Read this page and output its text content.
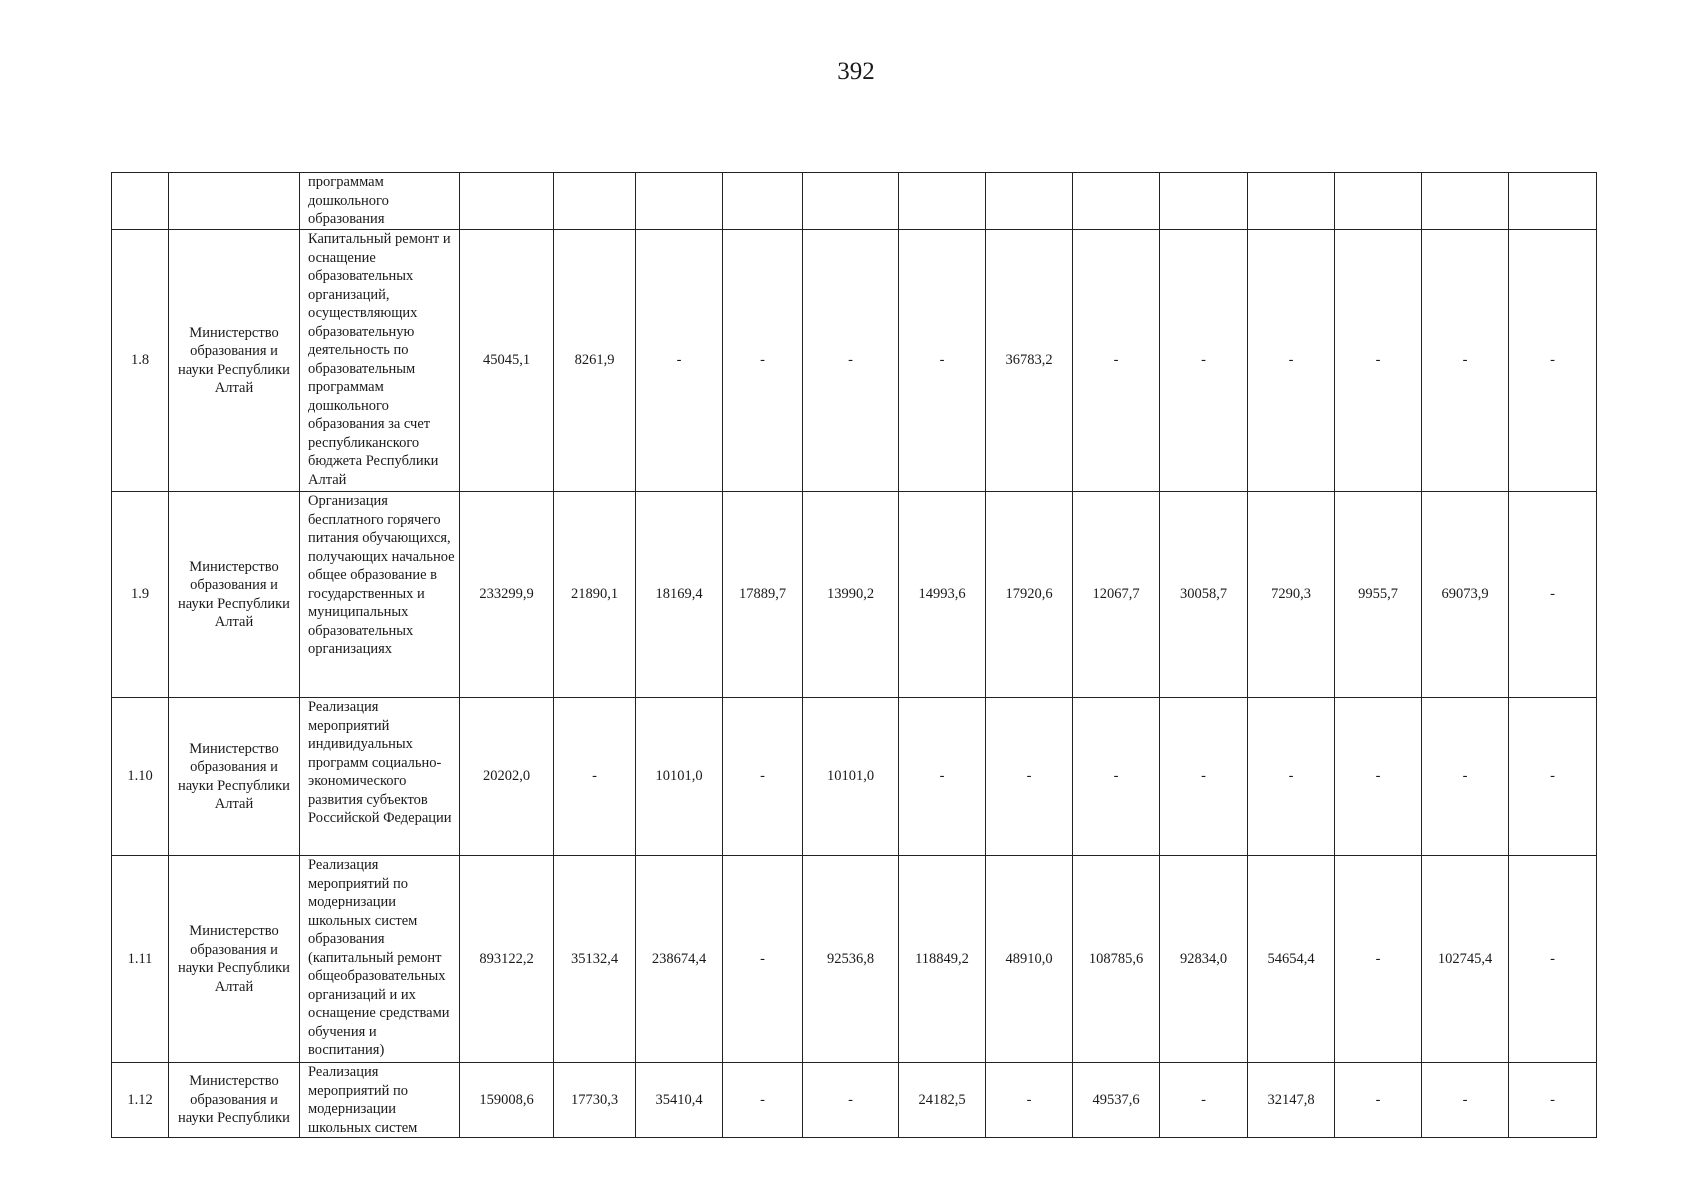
392

		программам дошкольного образования													

1.8	Министерство образования и науки Республики Алтай	Капитальный ремонт и оснащение образовательных организаций, осуществляющих образовательную деятельность по образовательным программам дошкольного образования за счет республиканского бюджета Республики Алтай	45045,1	8261,9	-	-	-	-	36783,2	-	-	-	-	-	-

1.9	Министерство образования и науки Республики Алтай	Организация бесплатного горячего питания обучающихся, получающих начальное общее образование в государственных и муниципальных образовательных организациях	233299,9	21890,1	18169,4	17889,7	13990,2	14993,6	17920,6	12067,7	30058,7	7290,3	9955,7	69073,9	-

1.10	Министерство образования и науки Республики Алтай	Реализация мероприятий индивидуальных программ социально-экономического развития субъектов Российской Федерации	20202,0	-	10101,0	-	10101,0	-	-	-	-	-	-	-	-

1.11	Министерство образования и науки Республики Алтай	Реализация мероприятий по модернизации школьных систем образования (капитальный ремонт общеобразовательных организаций и их оснащение средствами обучения и воспитания)	893122,2	35132,4	238674,4	-	92536,8	118849,2	48910,0	108785,6	92834,0	54654,4	-	102745,4	-

1.12	Министерство образования и науки Республики	Реализация мероприятий по модернизации школьных систем	159008,6	17730,3	35410,4	-	-	24182,5	-	49537,6	-	32147,8	-	-	-
